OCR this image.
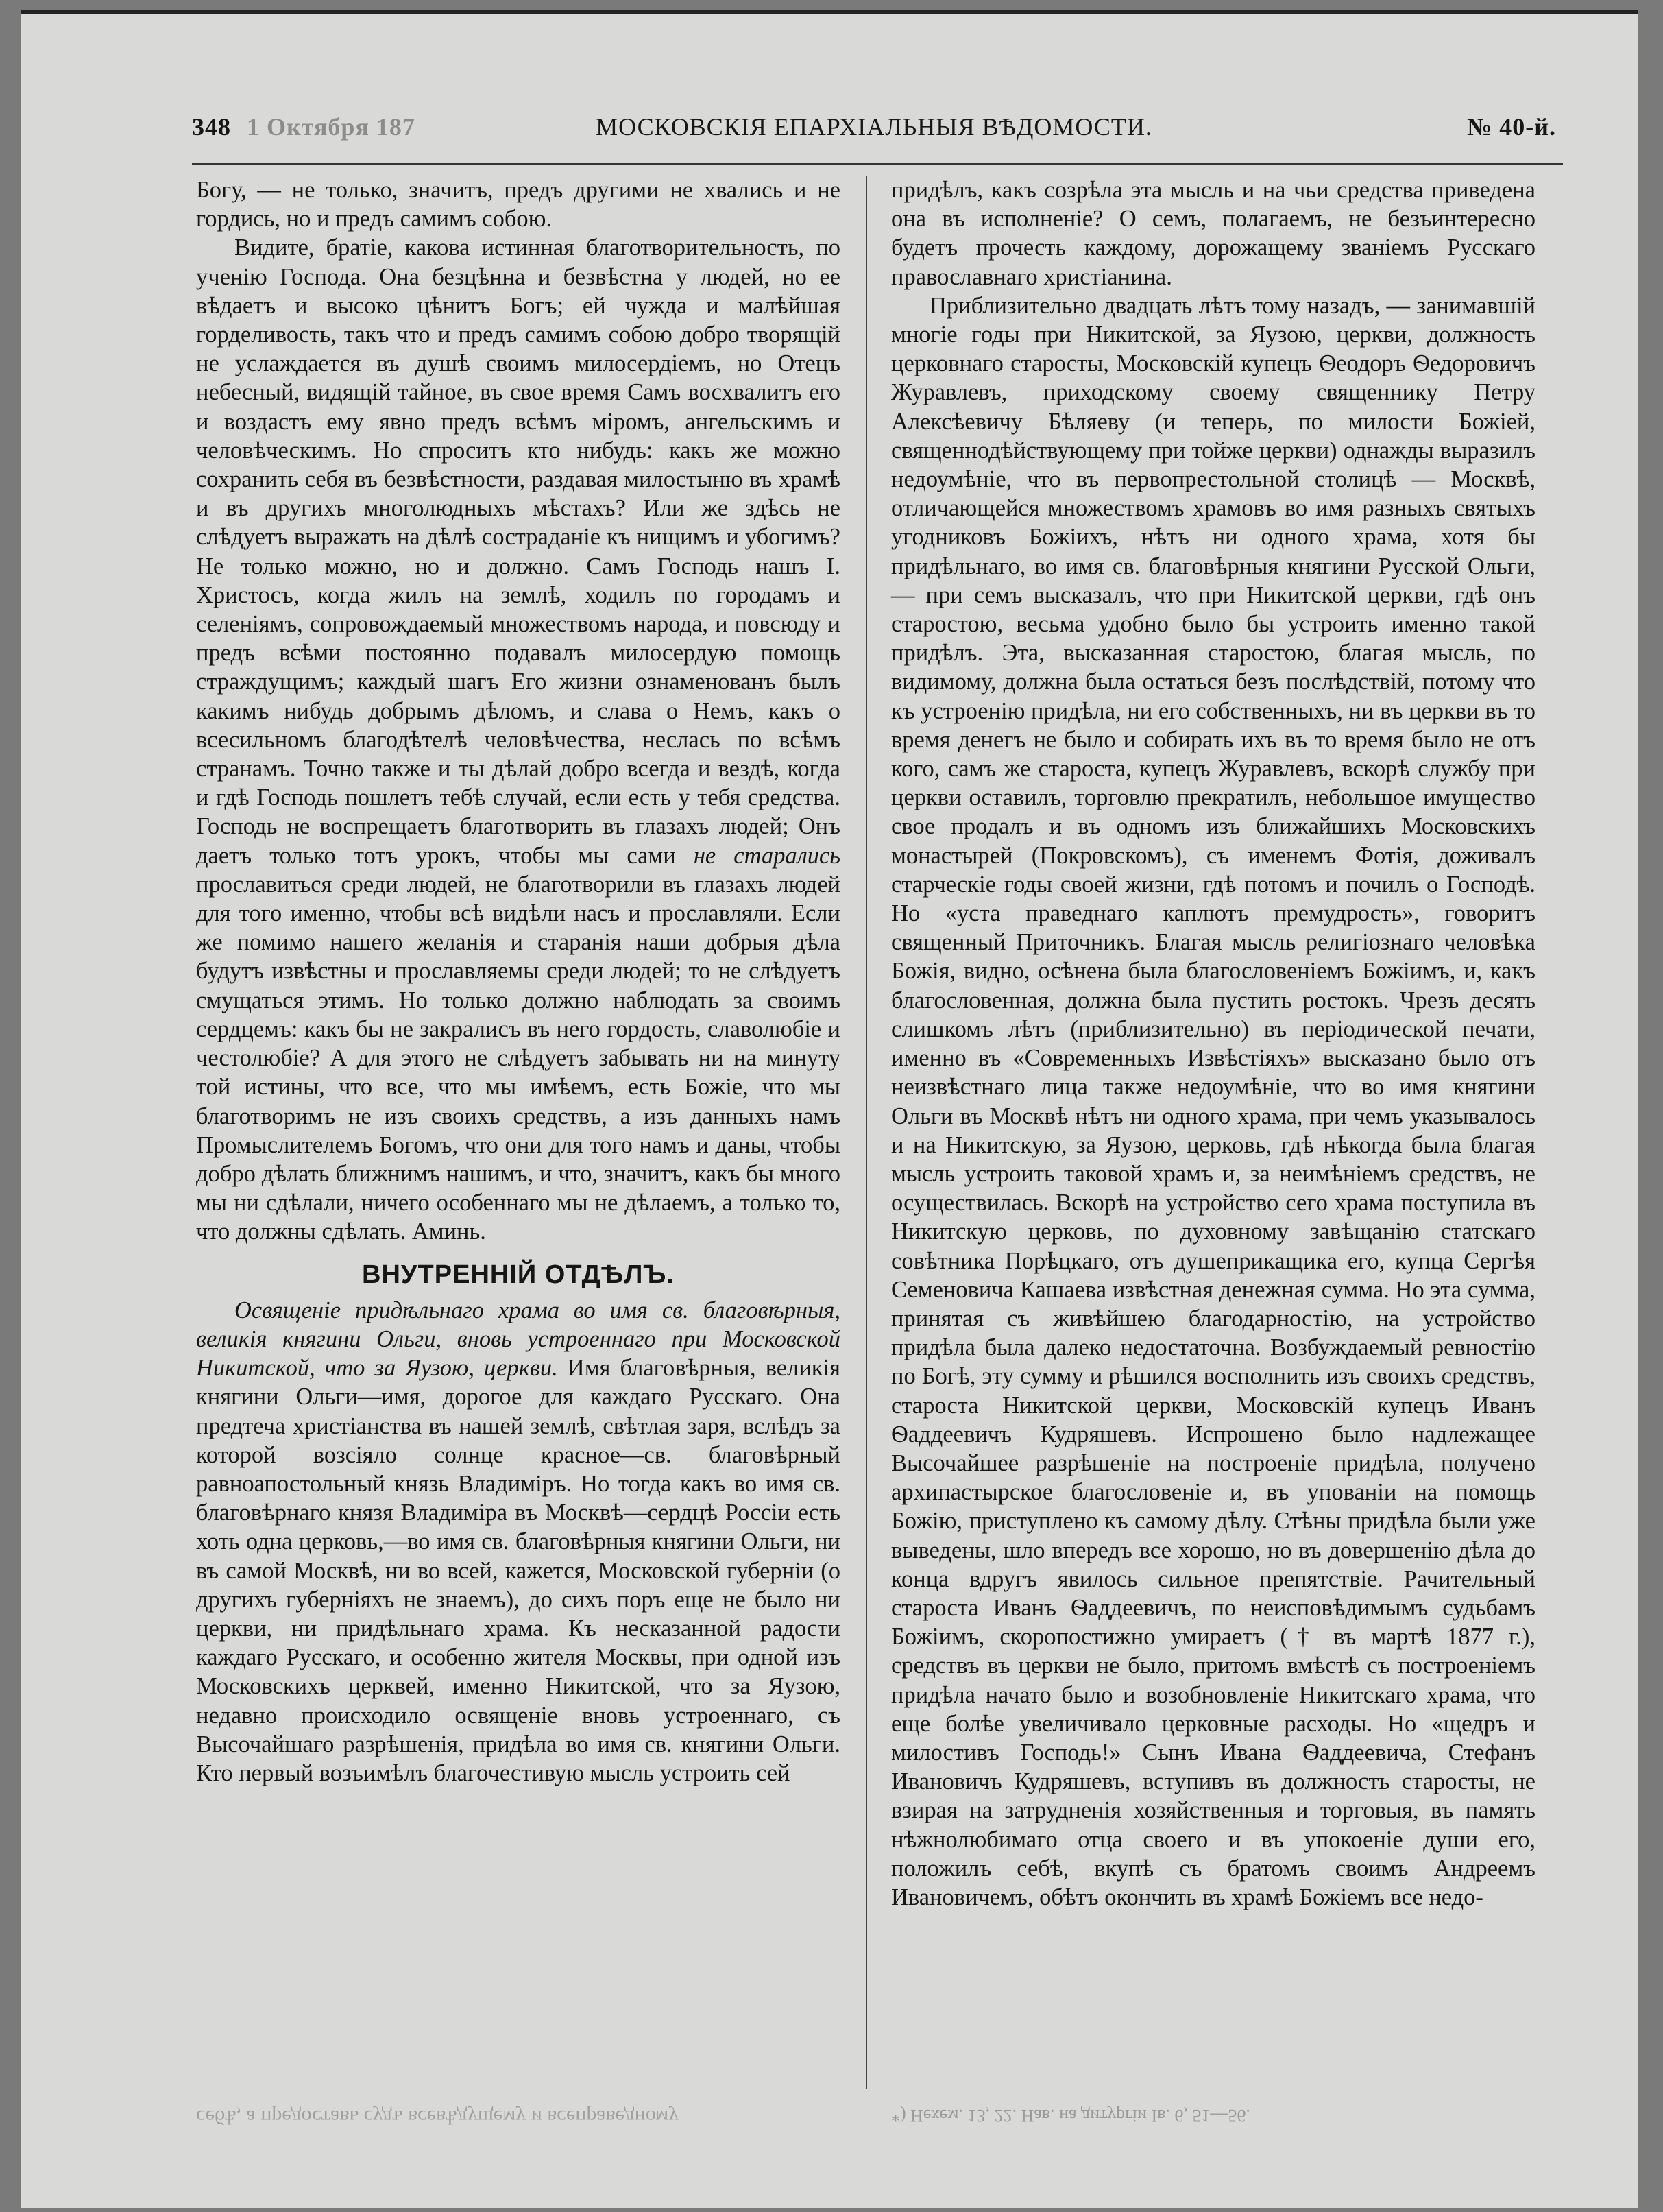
348 1 Октября 187	МОСКОВСКІЯ ЕПАРХІАЛЬНЫЯ ВѢДОМОСТИ.	№ 40-й.

Богу, — не только, значитъ, предъ другими не хвались и не гордись, но и предъ самимъ собою.

Видите, братіе, какова истинная благотворительность, по ученію Господа. Она безцѣнна и безвѣстна у людей, но ее вѣдаетъ и высоко цѣнитъ Богъ; ей чужда и малѣйшая горделивость, такъ что и предъ самимъ собою добро творящій не услаждается въ душѣ своимъ милосердіемъ, но Отецъ небесный, видящій тайное, въ свое время Самъ восхвалитъ его и воздастъ ему явно предъ всѣмъ міромъ, ангельскимъ и человѣческимъ. Но спроситъ кто нибудь: какъ же можно сохранить себя въ безвѣстности, раздавая милостыню въ храмѣ и въ другихъ многолюдныхъ мѣстахъ? Или же здѣсь не слѣдуетъ выражать на дѣлѣ состраданіе къ нищимъ и убогимъ? Не только можно, но и должно. Самъ Господь нашъ І. Христосъ, когда жилъ на землѣ, ходилъ по городамъ и селеніямъ, сопровождаемый множествомъ народа, и повсюду и предъ всѣми постоянно подавалъ милосердую помощь страждущимъ; каждый шагъ Его жизни ознаменованъ былъ какимъ нибудь добрымъ дѣломъ, и слава о Немъ, какъ о всесильномъ благодѣтелѣ человѣчества, неслась по всѣмъ странамъ. Точно также и ты дѣлай добро всегда и вездѣ, когда и гдѣ Господь пошлетъ тебѣ случай, если есть у тебя средства. Господь не воспрещаетъ благотворить въ глазахъ людей; Онъ даетъ только тотъ урокъ, чтобы мы сами не старались прославиться среди людей, не благотворили въ глазахъ людей для того именно, чтобы всѣ видѣли насъ и прославляли. Если же помимо нашего желанія и старанія наши добрыя дѣла будутъ извѣстны и прославляемы среди людей; то не слѣдуетъ смущаться этимъ. Но только должно наблюдать за своимъ сердцемъ: какъ бы не закралисъ въ него гордость, славолюбіе и честолюбіе? А для этого не слѣдуетъ забывать ни на минуту той истины, что все, что мы имѣемъ, есть Божіе, что мы благотворимъ не изъ своихъ средствъ, а изъ данныхъ намъ Промыслителемъ Богомъ, что они для того намъ и даны, чтобы добро дѣлать ближнимъ нашимъ, и что, значитъ, какъ бы много мы ни сдѣлали, ничего особеннаго мы не дѣлаемъ, а только то, что должны сдѣлать. Аминь.

ВНУТРЕННІЙ ОТДѢЛЪ.

Освященіе придѣльнаго храма во имя св. благовѣрныя, великія княгини Ольги, вновь устроеннаго при Московской Никитской, что за Яузою, церкви. Имя благовѣрныя, великія княгини Ольги—имя, дорогое для каждаго Русскаго. Она предтеча христіанства въ нашей землѣ, свѣтлая заря, вслѣдъ за которой возсіяло солнце красное—св. благовѣрный равноапостольный князь Владиміръ. Но тогда какъ во имя св. благовѣрнаго князя Владиміра въ Москвѣ—сердцѣ Россіи есть хоть одна церковь,—во имя св. благовѣрныя княгини Ольги, ни въ самой Москвѣ, ни во всей, кажется, Московской губерніи (о другихъ губерніяхъ не знаемъ), до сихъ поръ еще не было ни церкви, ни придѣльнаго храма. Къ несказанной радости каждаго Русскаго, и особенно жителя Москвы, при одной изъ Московскихъ церквей, именно Никитской, что за Яузою, недавно происходило освященіе вновь устроеннаго, съ Высочайшаго разрѣшенія, придѣла во имя св. княгини Ольги. Кто первый возъимѣлъ благочестивую мысль устроить сей

придѣлъ, какъ созрѣла эта мысль и на чьи средства приведена она въ исполненіе? О семъ, полагаемъ, не безъинтересно будетъ прочесть каждому, дорожащему званіемъ Русскаго православнаго христіанина.

Приблизительно двадцать лѣтъ тому назадъ, — занимавшій многіе годы при Никитской, за Яузою, церкви, должность церковнаго старосты, Московскій купецъ Ѳеодоръ Ѳедоровичъ Журавлевъ, приходскому своему священнику Петру Алексѣевичу Бѣляеву (и теперь, по милости Божіей, священнодѣйствующему при тойже церкви) однажды выразилъ недоумѣніе, что въ первопрестольной столицѣ — Москвѣ, отличающейся множествомъ храмовъ во имя разныхъ святыхъ угодниковъ Божіихъ, нѣтъ ни одного храма, хотя бы придѣльнаго, во имя св. благовѣрныя княгини Русской Ольги, — при семъ высказалъ, что при Никитской церкви, гдѣ онъ старостою, весьма удобно было бы устроить именно такой придѣлъ. Эта, высказанная старостою, благая мысль, по видимому, должна была остаться безъ послѣдствій, потому что къ устроенію придѣла, ни его собственныхъ, ни въ церкви въ то время денегъ не было и собирать ихъ въ то время было не отъ кого, самъ же староста, купецъ Журавлевъ, вскорѣ службу при церкви оставилъ, торговлю прекратилъ, небольшое имущество свое продалъ и въ одномъ изъ ближайшихъ Московскихъ монастырей (Покровскомъ), съ именемъ Фотія, доживалъ старческіе годы своей жизни, гдѣ потомъ и почилъ о Господѣ. Но «уста праведнаго каплютъ премудрость», говоритъ священный Приточникъ. Благая мысль религіознаго человѣка Божія, видно, осѣнена была благословеніемъ Божіимъ, и, какъ благословенная, должна была пустить ростокъ. Чрезъ десять слишкомъ лѣтъ (приблизительно) въ періодической печати, именно въ «Современныхъ Извѣстіяхъ» высказано было отъ неизвѣстнаго лица также недоумѣніе, что во имя княгини Ольги въ Москвѣ нѣтъ ни одного храма, при чемъ указывалось и на Никитскую, за Яузою, церковь, гдѣ нѣкогда была благая мысль устроить таковой храмъ и, за неимѣніемъ средствъ, не осуществилась. Вскорѣ на устройство сего храма поступила въ Никитскую церковь, по духовному завѣщанію статскаго совѣтника Порѣцкаго, отъ душеприкащика его, купца Сергѣя Семеновича Кашаева извѣстная денежная сумма. Но эта сумма, принятая съ живѣйшею благодарностію, на устройство придѣла была далеко недостаточна. Возбуждаемый ревностію по Богѣ, эту сумму и рѣшился восполнить изъ своихъ средствъ, староста Никитской церкви, Московскій купецъ Иванъ Ѳаддеевичъ Кудряшевъ. Испрошено было надлежащее Высочайшее разрѣшеніе на построеніе придѣла, получено архипастырское благословеніе и, въ упованіи на помощь Божію, приступлено къ самому дѣлу. Стѣны придѣла были уже выведены, шло впередъ все хорошо, но въ довершенію дѣла до конца вдругъ явилось сильное препятствіе. Рачительный староста Иванъ Ѳаддеевичъ, по неисповѣдимымъ судьбамъ Божіимъ, скоропостижно умираетъ († въ мартѣ 1877 г.), средствъ въ церкви не было, притомъ вмѣстѣ съ построеніемъ придѣла начато было и возобновленіе Никитскаго храма, что еще болѣе увеличивало церковные расходы. Но «щедръ и милостивъ Господь!» Сынъ Ивана Ѳаддеевича, Стефанъ Ивановичъ Кудряшевъ, вступивъ въ должность старосты, не взирая на затрудненія хозяйственныя и торговыя, въ память нѣжнолюбимаго отца своего и въ упокоеніе души его, положилъ себѣ, вкупѣ съ братомъ своимъ Андреемъ Ивановичемъ, обѣтъ окончить въ храмѣ Божіемъ все недо-

себѣ, а предоставь судъ всевѣдущему и всеправедному	*) Нехем. 13, 22. Нав. на дитургіи Ів. 6, 51—56.
